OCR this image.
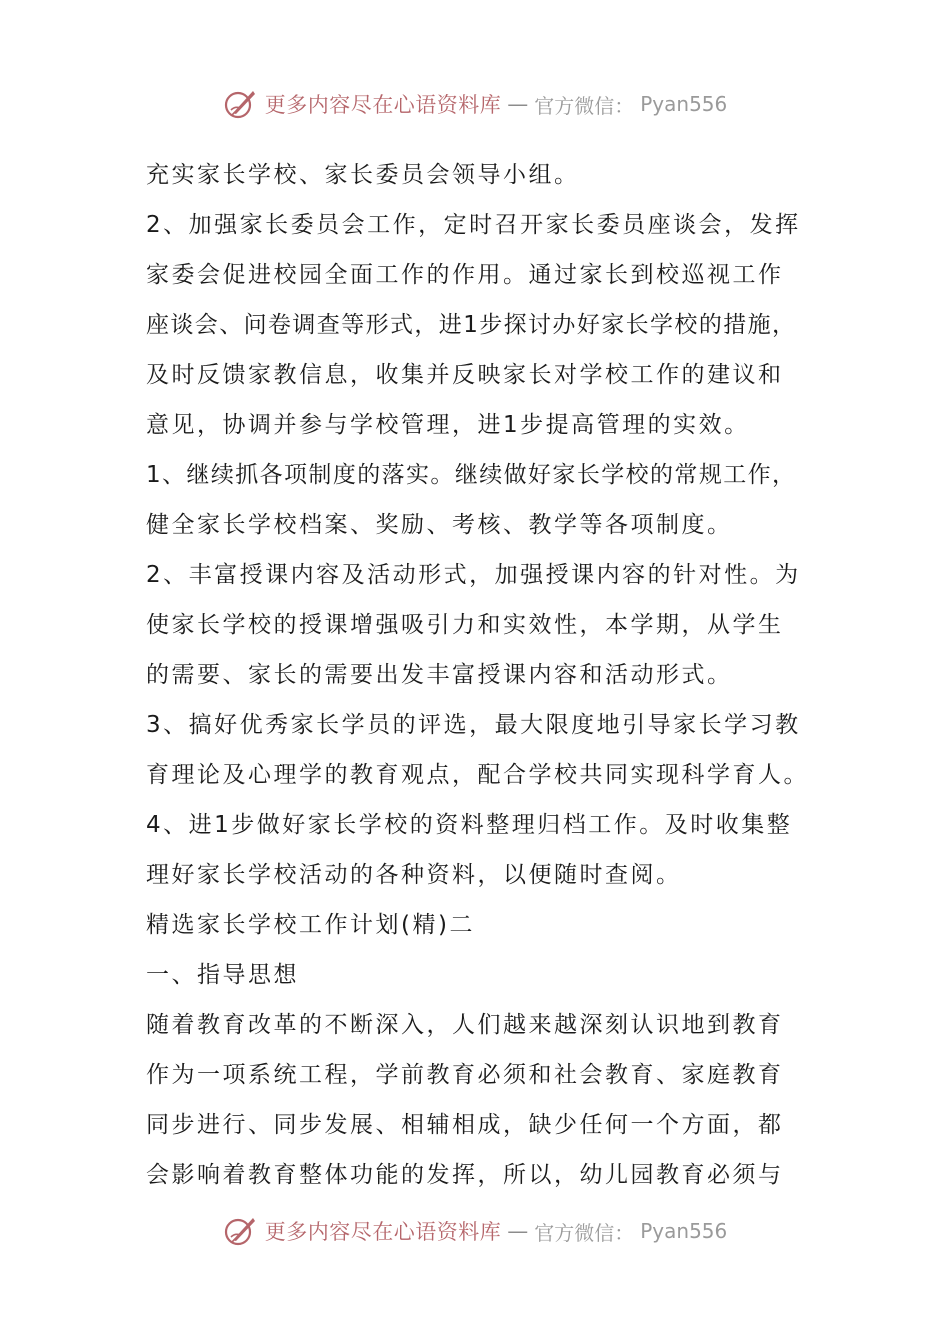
更多内容尽在心语资料库 — 官方微信： Pyan556
充实家长学校、家长委员会领导小组。
2、加强家长委员会工作，定时召开家长委员座谈会，发挥
家委会促进校园全面工作的作用。通过家长到校巡视工作
座谈会、问卷调查等形式，进1步探讨办好家长学校的措施，
及时反馈家教信息，收集并反映家长对学校工作的建议和
意见，协调并参与学校管理，进1步提高管理的实效。
1、继续抓各项制度的落实。继续做好家长学校的常规工作，
健全家长学校档案、奖励、考核、教学等各项制度。
2、丰富授课内容及活动形式，加强授课内容的针对性。为
使家长学校的授课增强吸引力和实效性，本学期，从学生
的需要、家长的需要出发丰富授课内容和活动形式。
3、搞好优秀家长学员的评选，最大限度地引导家长学习教
育理论及心理学的教育观点，配合学校共同实现科学育人。
4、进1步做好家长学校的资料整理归档工作。及时收集整
理好家长学校活动的各种资料，以便随时查阅。
精选家长学校工作计划(精)二
一、指导思想
随着教育改革的不断深入，人们越来越深刻认识地到教育
作为一项系统工程，学前教育必须和社会教育、家庭教育
同步进行、同步发展、相辅相成，缺少任何一个方面，都
会影响着教育整体功能的发挥，所以，幼儿园教育必须与
更多内容尽在心语资料库 — 官方微信： Pyan556
